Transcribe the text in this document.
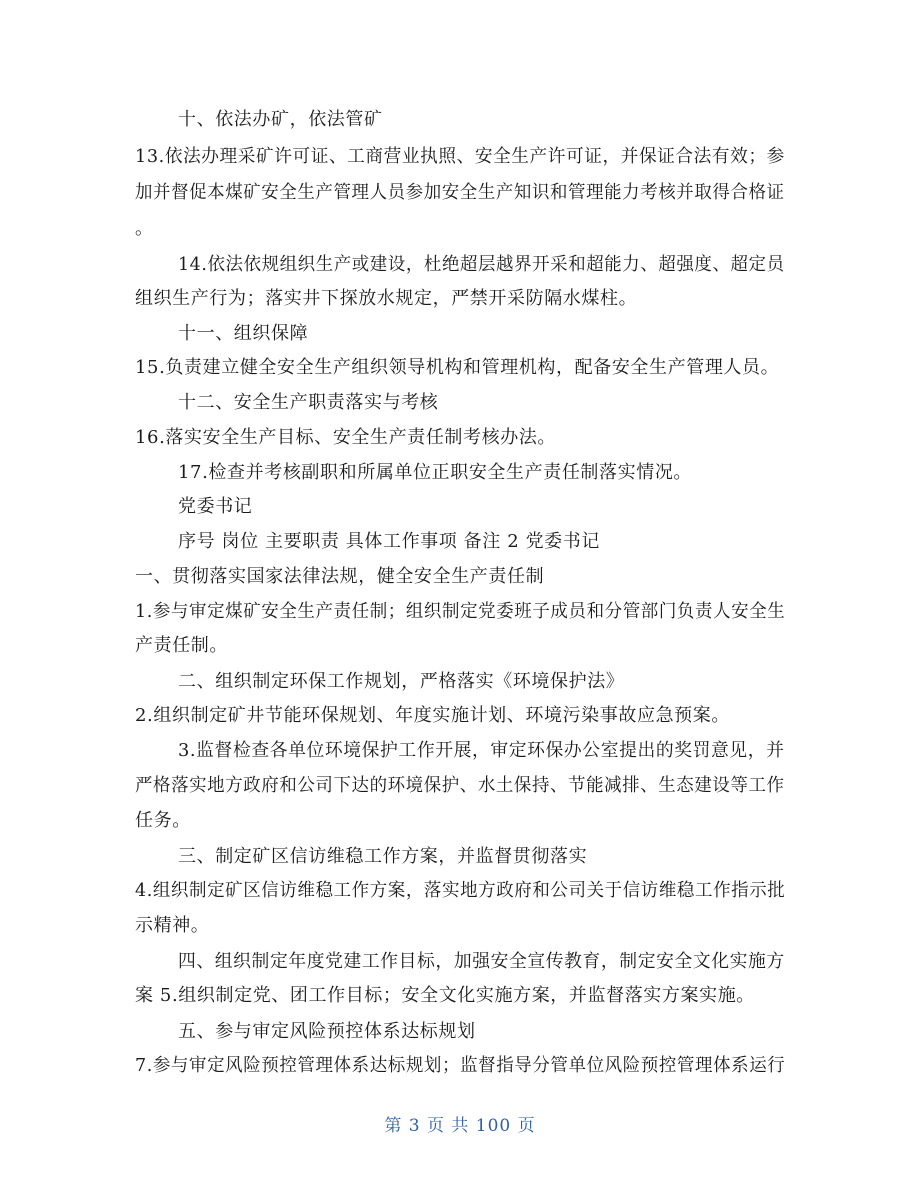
十、依法办矿，依法管矿
13.依法办理采矿许可证、工商营业执照、安全生产许可证，并保证合法有效；参
加并督促本煤矿安全生产管理人员参加安全生产知识和管理能力考核并取得合格证
。
14.依法依规组织生产或建设，杜绝超层越界开采和超能力、超强度、超定员
组织生产行为；落实井下探放水规定，严禁开采防隔水煤柱。
十一、组织保障
15.负责建立健全安全生产组织领导机构和管理机构，配备安全生产管理人员。
十二、安全生产职责落实与考核
16.落实安全生产目标、安全生产责任制考核办法。
17.检查并考核副职和所属单位正职安全生产责任制落实情况。
党委书记
序号 岗位 主要职责 具体工作事项 备注 2 党委书记
一、贯彻落实国家法律法规，健全安全生产责任制
1.参与审定煤矿安全生产责任制；组织制定党委班子成员和分管部门负责人安全生
产责任制。
二、组织制定环保工作规划，严格落实《环境保护法》
2.组织制定矿井节能环保规划、年度实施计划、环境污染事故应急预案。
3.监督检查各单位环境保护工作开展，审定环保办公室提出的奖罚意见，并
严格落实地方政府和公司下达的环境保护、水土保持、节能减排、生态建设等工作
任务。
三、制定矿区信访维稳工作方案，并监督贯彻落实
4.组织制定矿区信访维稳工作方案，落实地方政府和公司关于信访维稳工作指示批
示精神。
四、组织制定年度党建工作目标，加强安全宣传教育，制定安全文化实施方
案 5.组织制定党、团工作目标；安全文化实施方案，并监督落实方案实施。
五、参与审定风险预控体系达标规划
7.参与审定风险预控管理体系达标规划；监督指导分管单位风险预控管理体系运行
第 3 页 共 100 页
